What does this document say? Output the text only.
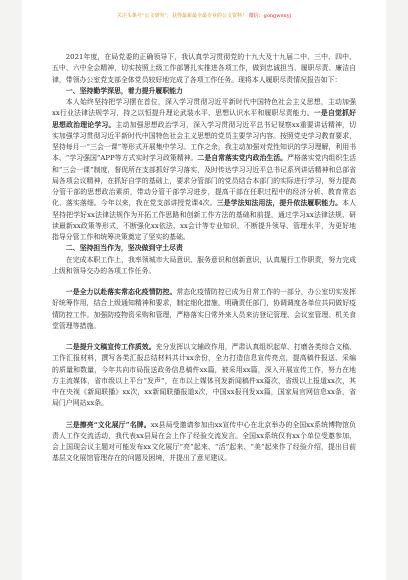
关注头条号“公文研究”，获得最新最全最专业的公文资料！ 微信：gongwenyj

2021年度，在局党委的正确领导下，我认真学习贯彻党的十九大及十九届二中、三中、四中、五中、六中全会精神，切实按照上级工作部署扎实推进各项工作，做到忠诚担当、履职尽责、廉洁自律，带领办公室党支部全体党员较好地完成了各项工作任务。现将本人履职尽责情况报告如下：

一、坚持勤学深思，着力提升履职能力

本人始终坚持把学习摆在首位，深入学习贯彻习近平新时代中国特色社会主义思想，主动加强xx行业法律法规学习，持之以恒提升理论武装水平、思想认识水平和履职尽责能力。一是自觉抓好思想政治理论学习。主动加强思想政治学习，深入学习贯彻习近平总书记视察xx重要讲话精神，切实加强学习贯彻习近平新时代中国特色社会主义思想的党员主要学习内容。按照党史学习教育要求，坚持每月一“三会一课”等形式开展集中学习。工作之余，我主动加强对党性知识的学习理解，利用书本、“学习强国”APP等方式实时学习政策精神。二是自常落实党内政治生活。严格落实党内组织生活和“三会一课”制度，督促所在支部抓好学习落实，及时传达学习习近平总书记系列讲话精神和总部省局各项会议精神，在抓好自学的基础上，要求分管部门的党员结合本部门的实际进行学习，努力提高分管干部的思想政治素质，带动分管干部学习进步，提高干部在任职过程中的经济分析、教育常态化、落实落细。今年以来，我在党支部讲授党课4次。三是学法知法用法，提升依法履职能力。本人坚持把学好xx法律法规作为开拓工作思路和创新工作方法的基础和前提，通过学习xx法律法规、研读最新xx政策等形式，不断强化xx依法、xx会计等专业知识，不断提升领导、管理水平，为更好地指导分管工作和统筹决策奠定了坚实的基础。

二、坚持担当作为，坚决做到守土尽责

在完成本职工作上，我率领城市大局意识、服务意识和创新意识，认真履行工作职责，努力完成上级和领导交办的各项工作任务。

一是全力以赴落实常态化疫情防控。常态化疫情防控已成为日常工作的一部分，办公室切实发挥好统筹作用，结合上级通知精神和要求，制定细化措施，明确责任部门，协调调度各单位共同做好疫情防控工作。加强防疫物资采购和管理，严格落实日常外来人员来访登记管理、会议室管理、机关食堂管理等措施。

二是提升文稿宣传工作质效。充分发挥以文辅政作用，严肃认真组织起草、打磨各类综合文稿、工作汇报材料，撰写各类汇报总结材料共计xx余份，全力打造信息宣传亮点，提高稿件报送、采编的质量和数量，今年共向市局报送政务信息稿件xx篇，被采用xx篇，深入开展宣传工作，努力在地方主流媒体，省市级以上平台“发声”，在市以上媒体刊发新闻稿件xx篇次，省级以上报道xx次，其中在央视《新闻联播》xx次，xx新闻联播报道x次，中国xx报刊发xx篇，国家局官网信息xx条，省局门户网站xx条。

三是擦亮“文化展厅”名牌。xx县局受邀请参加由xx宣传中心在北京举办的全国xx系统博物馆负责人工作交流活动，我代表xx县局在会上作了经验交流发言。全国xx系统仅有xx个单位受邀参加，会上国现会议主题对可能发布xx文化展厅“亮”起来、“活”起来、“美”起来作了经验介绍，提出目前基层文化展馆管理存在的问题及困境，并提出了意见建议。
